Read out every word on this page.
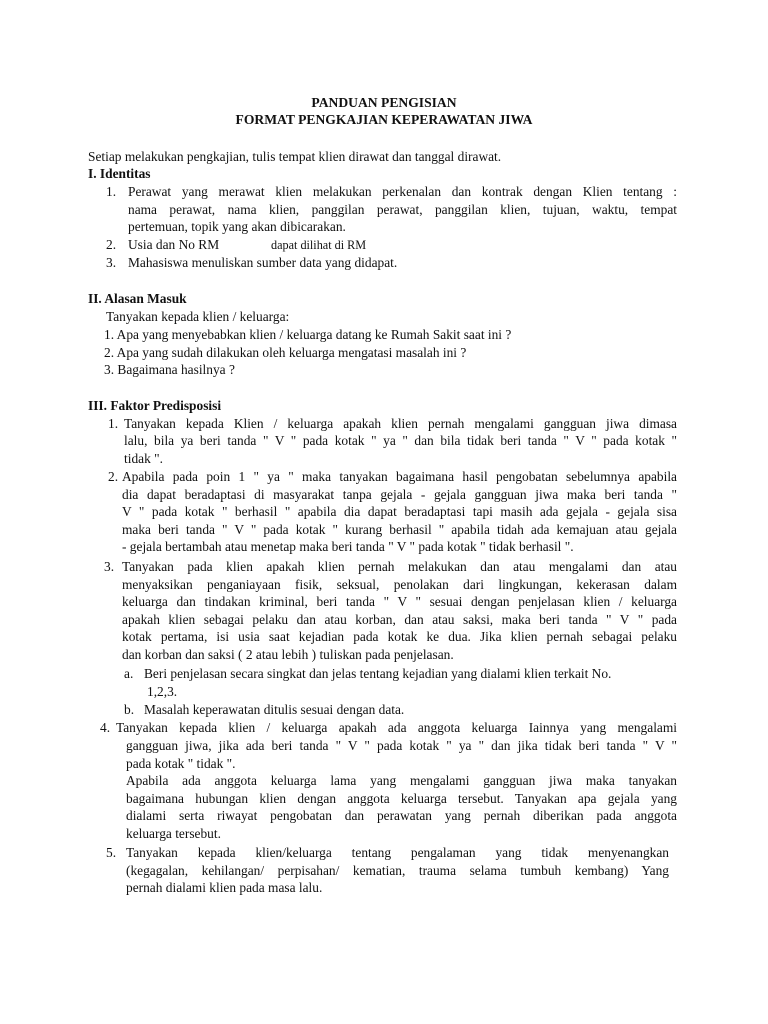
PANDUAN PENGISIAN
FORMAT PENGKAJIAN KEPERAWATAN JIWA
Setiap melakukan pengkajian, tulis tempat klien dirawat dan tanggal dirawat.
I. Identitas
1. Perawat yang merawat klien melakukan perkenalan dan kontrak dengan Klien tentang :
nama perawat, nama klien, panggilan perawat, panggilan klien, tujuan, waktu, tempat
pertemuan, topik yang akan dibicarakan.
2. Usia dan No RM	dapat dilihat di RM
3. Mahasiswa menuliskan sumber data yang didapat.
II. Alasan Masuk
Tanyakan kepada klien / keluarga:
1. Apa yang menyebabkan klien / keluarga datang ke Rumah Sakit saat ini ?
2. Apa yang sudah dilakukan oleh keluarga mengatasi masalah ini ?
3. Bagaimana hasilnya ?
III. Faktor Predisposisi
1. Tanyakan kepada Klien / keluarga apakah klien pernah mengalami gangguan jiwa dimasa
lalu, bila ya beri tanda " V " pada kotak " ya " dan bila tidak beri tanda " V " pada kotak "
tidak ".
2. Apabila pada poin 1 " ya " maka tanyakan bagaimana hasil pengobatan sebelumnya apabila
dia dapat beradaptasi di masyarakat tanpa gejala - gejala gangguan jiwa maka beri tanda "
V " pada kotak " berhasil " apabila dia dapat beradaptasi tapi masih ada gejala - gejala sisa
maka beri tanda " V " pada kotak " kurang berhasil " apabila tidah ada kemajuan atau gejala
- gejala bertambah atau menetap maka beri tanda " V " pada kotak " tidak berhasil ".
3. Tanyakan pada klien apakah klien pernah melakukan dan atau mengalami dan atau
menyaksikan penganiayaan fisik, seksual, penolakan dari lingkungan, kekerasan dalam
keluarga dan tindakan kriminal, beri tanda " V " sesuai dengan penjelasan klien / keluarga
apakah klien sebagai pelaku dan atau korban, dan atau saksi, maka beri tanda " V " pada
kotak pertama, isi usia saat kejadian pada kotak ke dua. Jika klien pernah sebagai pelaku
dan korban dan saksi ( 2 atau lebih ) tuliskan pada penjelasan.
a. Beri penjelasan secara singkat dan jelas tentang kejadian yang dialami klien terkait No.
1,2,3.
b. Masalah keperawatan ditulis sesuai dengan data.
4. Tanyakan kepada klien / keluarga apakah ada anggota keluarga Iainnya yang mengalami
gangguan jiwa, jika ada beri tanda " V " pada kotak " ya " dan jika tidak beri tanda " V "
pada kotak " tidak ".
Apabila ada anggota keluarga lama yang mengalami gangguan jiwa maka tanyakan
bagaimana hubungan klien dengan anggota keluarga tersebut. Tanyakan apa gejala yang
dialami serta riwayat pengobatan dan perawatan yang pernah diberikan pada anggota
keluarga tersebut.
5. Tanyakan kepada klien/keluarga tentang pengalaman yang tidak menyenangkan
(kegagalan, kehilangan/ perpisahan/ kematian, trauma selama tumbuh kembang) Yang
pernah dialami klien pada masa lalu.
